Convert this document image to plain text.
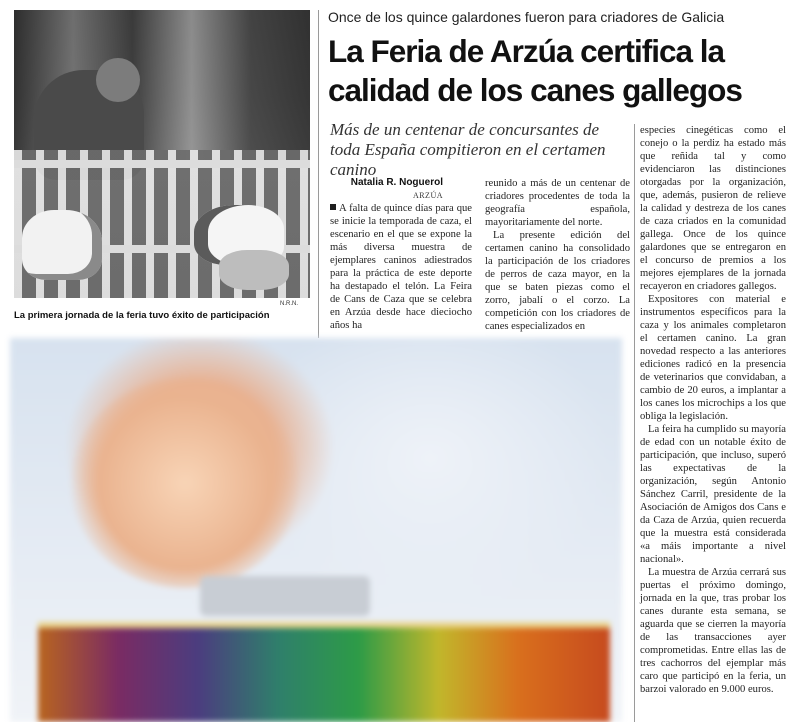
N.R.N.
La primera jornada de la feria tuvo éxito de participación
Once de los quince galardones fueron para criadores de Galicia
La Feria de Arzúa certifica la calidad de los canes gallegos
Más de un centenar de concursantes de toda España compitieron en el certamen canino
Natalia R. Noguerol
ARZÚA

A falta de quince días para que se inicie la temporada de caza, el escenario en el que se expone la más diversa muestra de ejemplares caninos adiestrados para la práctica de este deporte ha destapado el telón. La Feira de Cans de Caza que se celebra en Arzúa desde hace dieciocho años ha

reunido a más de un centenar de criadores procedentes de toda la geografía española, mayoritariamente del norte.

La presente edición del certamen canino ha consolidado la participación de los criadores de perros de caza mayor, en la que se baten piezas como el zorro, jabalí o el corzo. La competición con los criadores de canes especializados en

especies cinegéticas como el conejo o la perdiz ha estado más que reñida tal y como evidenciaron las distinciones otorgadas por la organización, que, además, pusieron de relieve la calidad y destreza de los canes de caza criados en la comunidad gallega. Once de los quince galardones que se entregaron en el concurso de premios a los mejores ejemplares de la jornada recayeron en criadores gallegos.

Expositores con material e instrumentos específicos para la caza y los animales completaron el certamen canino. La gran novedad respecto a las anteriores ediciones radicó en la presencia de veterinarios que convidaban, a cambio de 20 euros, a implantar a los canes los microchips a los que obliga la legislación.

La feira ha cumplido su mayoría de edad con un notable éxito de participación, que incluso, superó las expectativas de la organización, según Antonio Sánchez Carril, presidente de la Asociación de Amigos dos Cans e da Caza de Arzúa, quien recuerda que la muestra está considerada «a máis importante a nivel nacional».

La muestra de Arzúa cerrará sus puertas el próximo domingo, jornada en la que, tras probar los canes durante esta semana, se aguarda que se cierren la mayoría de las transacciones ayer comprometidas. Entre ellas las de tres cachorros del ejemplar más caro que participó en la feria, un barzoi valorado en 9.000 euros.
